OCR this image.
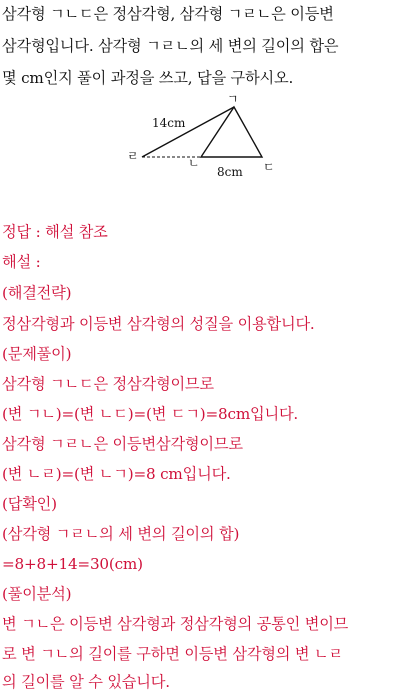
삼각형 ㄱㄴㄷ은 정삼각형, 삼각형 ㄱㄹㄴ은 이등변
삼각형입니다. 삼각형 ㄱㄹㄴ의 세 변의 길이의 합은
몇 cm인지 풀이 과정을 쓰고, 답을 구하시오.
ㄱ
ㄴ	ㄷ
ㄹ
14cm
8cm
정답 : 해설 참조
해설 :
(해결전략)
정삼각형과 이등변 삼각형의 성질을 이용합니다.
(문제풀이)
삼각형 ㄱㄴㄷ은 정삼각형이므로
(변 ㄱㄴ)=(변 ㄴㄷ)=(변 ㄷㄱ)=8cm입니다.
삼각형 ㄱㄹㄴ은 이등변삼각형이므로
(변 ㄴㄹ)=(변 ㄴㄱ)=8 cm입니다.
(답확인)
(삼각형 ㄱㄹㄴ의 세 변의 길이의 합)
=8+8+14=30(cm)
(풀이분석)
변 ㄱㄴ은 이등변 삼각형과 정삼각형의 공통인 변이므
로 변 ㄱㄴ의 길이를 구하면 이등변 삼각형의 변 ㄴㄹ
의 길이를 알 수 있습니다.
